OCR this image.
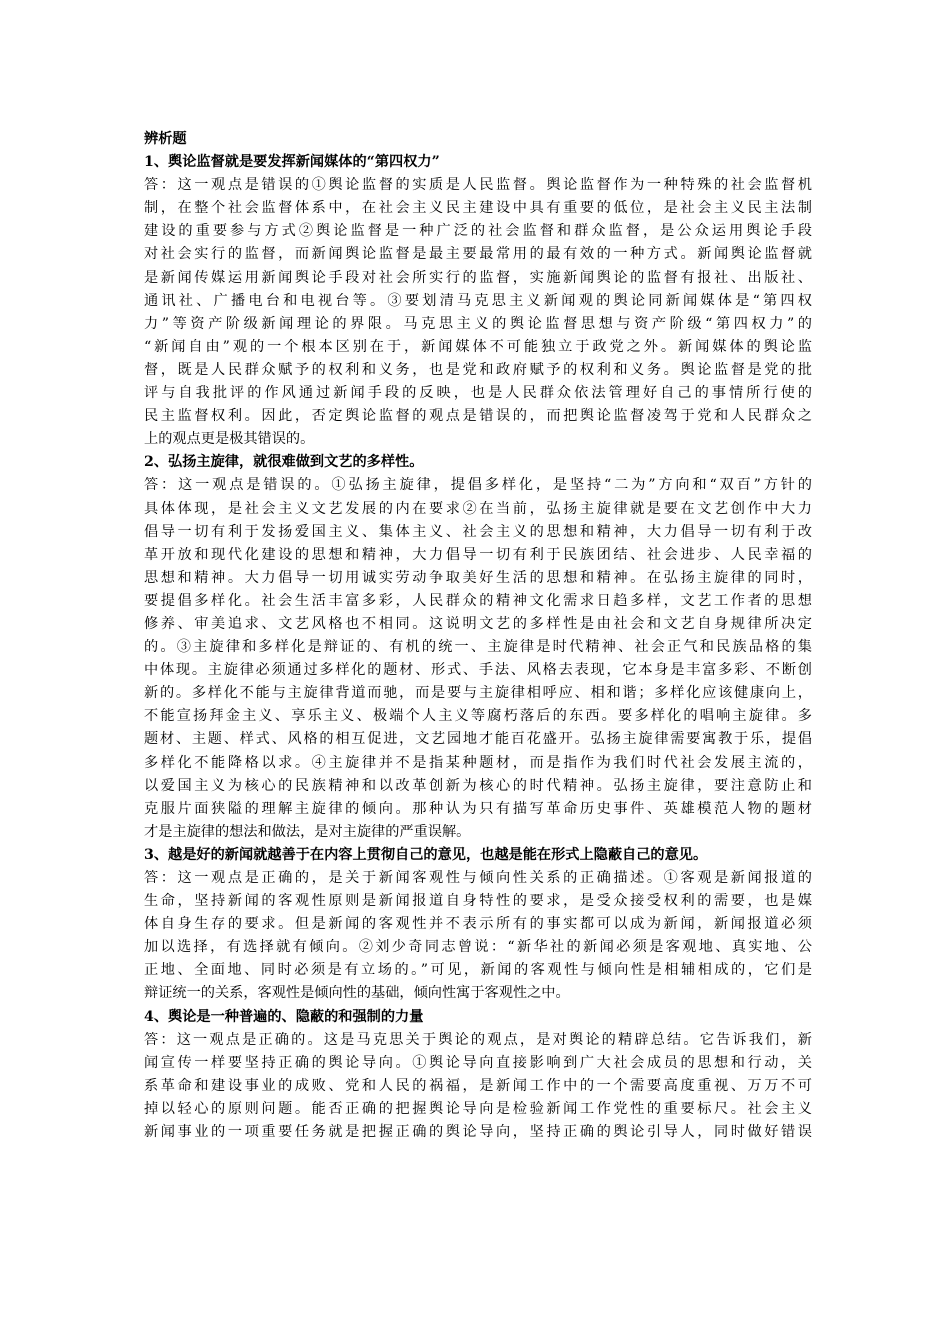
辨析题
1、舆论监督就是要发挥新闻媒体的“第四权力”
答：这一观点是错误的①舆论监督的实质是人民监督。舆论监督作为一种特殊的社会监督机
制，在整个社会监督体系中，在社会主义民主建设中具有重要的低位，是社会主义民主法制
建设的重要参与方式②舆论监督是一种广泛的社会监督和群众监督，是公众运用舆论手段
对社会实行的监督，而新闻舆论监督是最主要最常用的最有效的一种方式。新闻舆论监督就
是新闻传媒运用新闻舆论手段对社会所实行的监督，实施新闻舆论的监督有报社、出版社、
通讯社、广播电台和电视台等。③要划清马克思主义新闻观的舆论同新闻媒体是“第四权
力”等资产阶级新闻理论的界限。马克思主义的舆论监督思想与资产阶级“第四权力”的
“新闻自由”观的一个根本区别在于，新闻媒体不可能独立于政党之外。新闻媒体的舆论监
督，既是人民群众赋予的权利和义务，也是党和政府赋予的权利和义务。舆论监督是党的批
评与自我批评的作风通过新闻手段的反映，也是人民群众依法管理好自己的事情所行使的
民主监督权利。因此，否定舆论监督的观点是错误的，而把舆论监督凌驾于党和人民群众之
上的观点更是极其错误的。
2、弘扬主旋律，就很难做到文艺的多样性。
答：这一观点是错误的。①弘扬主旋律，提倡多样化，是坚持“二为”方向和“双百”方针的
具体体现，是社会主义文艺发展的内在要求②在当前，弘扬主旋律就是要在文艺创作中大力
倡导一切有利于发扬爱国主义、集体主义、社会主义的思想和精神，大力倡导一切有利于改
革开放和现代化建设的思想和精神，大力倡导一切有利于民族团结、社会进步、人民幸福的
思想和精神。大力倡导一切用诚实劳动争取美好生活的思想和精神。在弘扬主旋律的同时，
要提倡多样化。社会生活丰富多彩，人民群众的精神文化需求日趋多样，文艺工作者的思想
修养、审美追求、文艺风格也不相同。这说明文艺的多样性是由社会和文艺自身规律所决定
的。③主旋律和多样化是辩证的、有机的统一、主旋律是时代精神、社会正气和民族品格的集
中体现。主旋律必须通过多样化的题材、形式、手法、风格去表现，它本身是丰富多彩、不断创
新的。多样化不能与主旋律背道而驰，而是要与主旋律相呼应、相和谐；多样化应该健康向上，
不能宣扬拜金主义、享乐主义、极端个人主义等腐朽落后的东西。要多样化的唱响主旋律。多
题材、主题、样式、风格的相互促进，文艺园地才能百花盛开。弘扬主旋律需要寓教于乐，提倡
多样化不能降格以求。④主旋律并不是指某种题材，而是指作为我们时代社会发展主流的，
以爱国主义为核心的民族精神和以改革创新为核心的时代精神。弘扬主旋律，要注意防止和
克服片面狭隘的理解主旋律的倾向。那种认为只有描写革命历史事件、英雄模范人物的题材
才是主旋律的想法和做法，是对主旋律的严重误解。
3、越是好的新闻就越善于在内容上贯彻自己的意见，也越是能在形式上隐蔽自己的意见。
答：这一观点是正确的，是关于新闻客观性与倾向性关系的正确描述。①客观是新闻报道的
生命，坚持新闻的客观性原则是新闻报道自身特性的要求，是受众接受权利的需要，也是媒
体自身生存的要求。但是新闻的客观性并不表示所有的事实都可以成为新闻，新闻报道必须
加以选择，有选择就有倾向。②刘少奇同志曾说：“新华社的新闻必须是客观地、真实地、公
正地、全面地、同时必须是有立场的。”可见，新闻的客观性与倾向性是相辅相成的，它们是
辩证统一的关系，客观性是倾向性的基础，倾向性寓于客观性之中。
4、舆论是一种普遍的、隐蔽的和强制的力量
答：这一观点是正确的。这是马克思关于舆论的观点，是对舆论的精辟总结。它告诉我们，新
闻宣传一样要坚持正确的舆论导向。①舆论导向直接影响到广大社会成员的思想和行动，关
系革命和建设事业的成败、党和人民的祸福，是新闻工作中的一个需要高度重视、万万不可
掉以轻心的原则问题。能否正确的把握舆论导向是检验新闻工作党性的重要标尺。社会主义
新闻事业的一项重要任务就是把握正确的舆论导向，坚持正确的舆论引导人，同时做好错误
